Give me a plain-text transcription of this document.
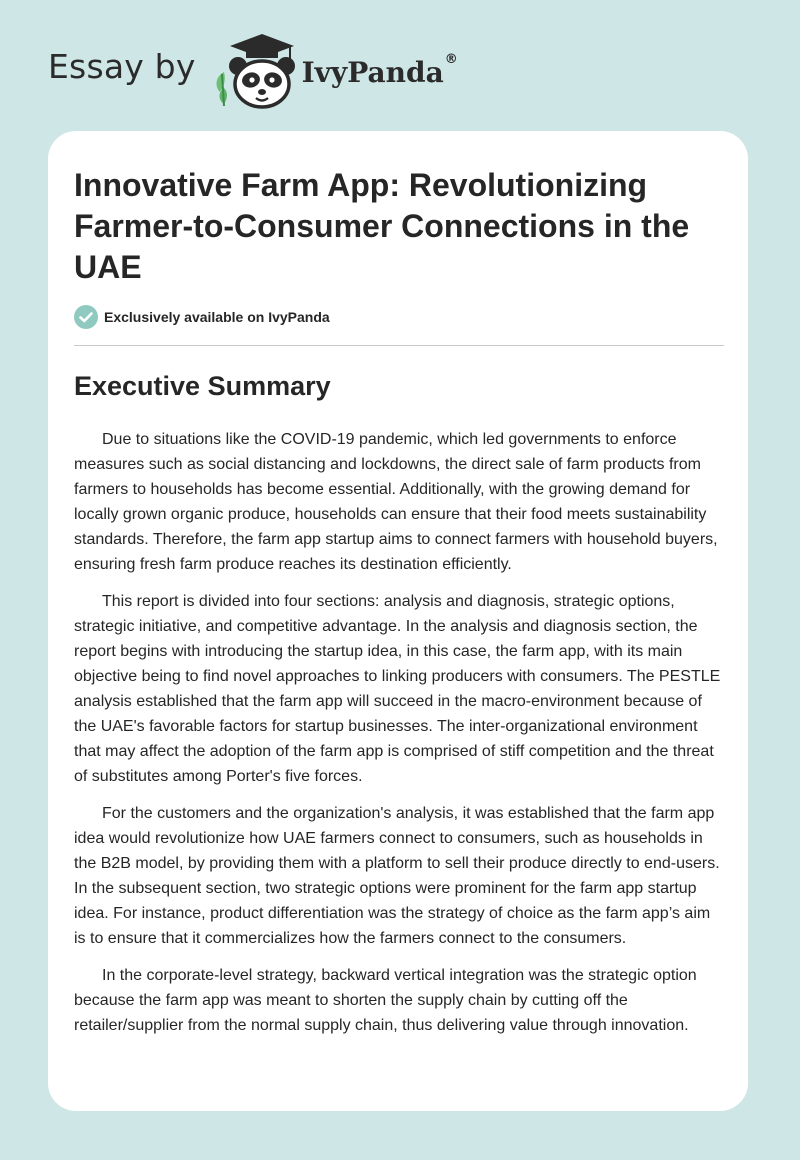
Essay by	IvyPanda®
Innovative Farm App: Revolutionizing Farmer-to-Consumer Connections in the UAE
Exclusively available on IvyPanda
Executive Summary

Due to situations like the COVID-19 pandemic, which led governments to enforce measures such as social distancing and lockdowns, the direct sale of farm products from farmers to households has become essential. Additionally, with the growing demand for locally grown organic produce, households can ensure that their food meets sustainability standards. Therefore, the farm app startup aims to connect farmers with household buyers, ensuring fresh farm produce reaches its destination efficiently.

This report is divided into four sections: analysis and diagnosis, strategic options, strategic initiative, and competitive advantage. In the analysis and diagnosis section, the report begins with introducing the startup idea, in this case, the farm app, with its main objective being to find novel approaches to linking producers with consumers. The PESTLE analysis established that the farm app will succeed in the macro-environment because of the UAE's favorable factors for startup businesses. The inter-organizational environment that may affect the adoption of the farm app is comprised of stiff competition and the threat of substitutes among Porter's five forces.

For the customers and the organization's analysis, it was established that the farm app idea would revolutionize how UAE farmers connect to consumers, such as households in the B2B model, by providing them with a platform to sell their produce directly to end-users. In the subsequent section, two strategic options were prominent for the farm app startup idea. For instance, product differentiation was the strategy of choice as the farm app’s aim is to ensure that it commercializes how the farmers connect to the consumers.

In the corporate-level strategy, backward vertical integration was the strategic option because the farm app was meant to shorten the supply chain by cutting off the retailer/supplier from the normal supply chain, thus delivering value through innovation.
